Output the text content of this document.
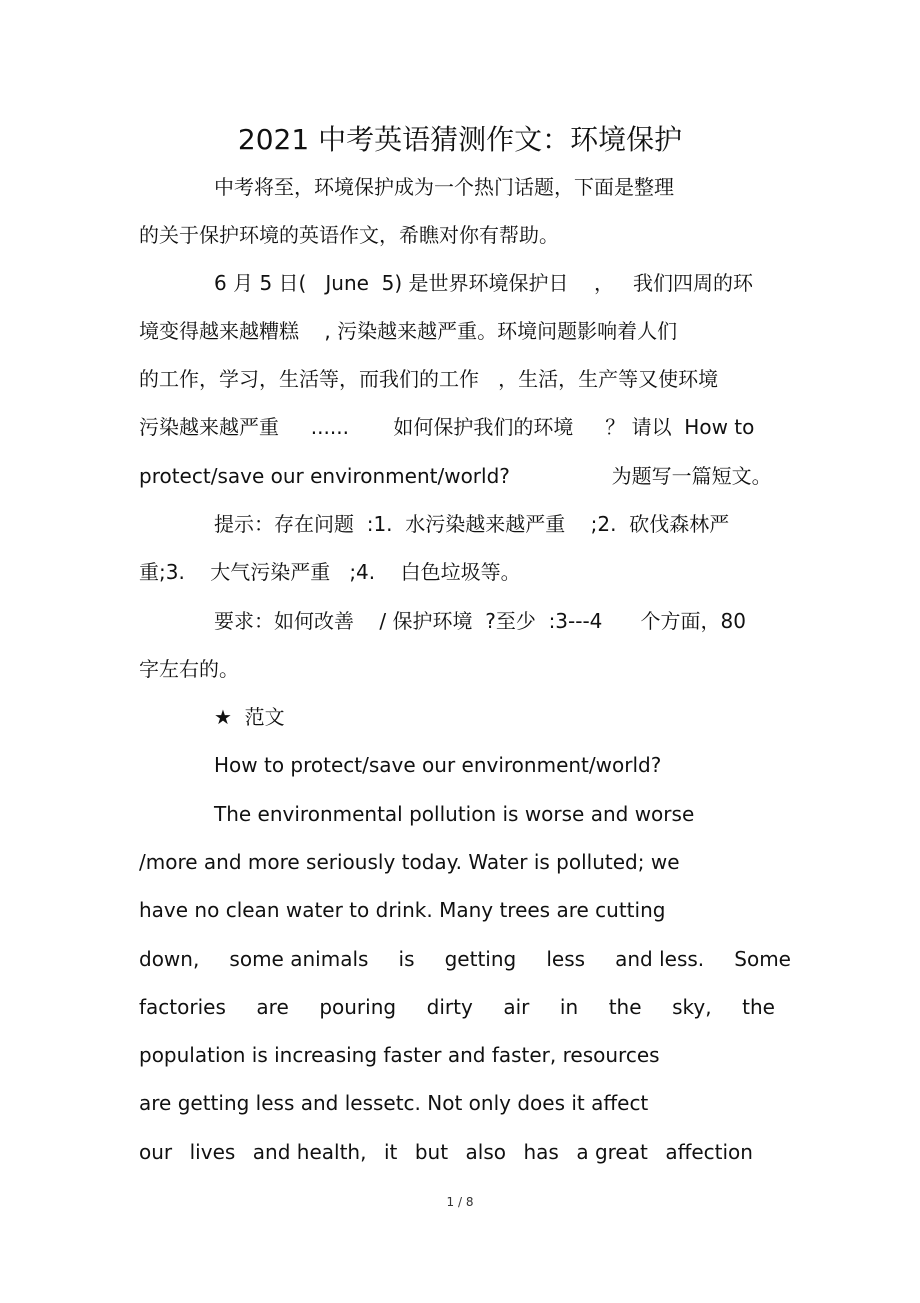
2021 中考英语猜测作文：环境保护
中考将至，环境保护成为一个热门话题，下面是整理
的关于保护环境的英语作文，希瞧对你有帮助。
6 月 5 日(   June  5) 是世界环境保护日    ，   我们四周的环
境变得越来越糟糕    , 污染越来越严重。环境问题影响着人们
的工作，学习，生活等，而我们的工作   ，生活，生产等又使环境
污染越来越严重     ......       如何保护我们的环境     ？ 请以  How to
protect/save our environment/world?                为题写一篇短文。
提示：存在问题  :1.  水污染越来越严重    ;2.  砍伐森林严
重;3.    大气污染严重   ;4.    白色垃圾等。
要求：如何改善    / 保护环境  ?至少  :3---4      个方面，80
字左右的。
★  范文
How to protect/save our environment/world?
The environmental pollution is worse and worse
/more and more seriously today. Water is polluted; we
have no clean water to drink. Many trees are cutting
down, some animals is getting less and less. Some
factories are pouring dirty air in the sky, the
population is increasing faster and faster, resources
are getting less and lessetc. Not only does it affect
our lives and health, it but also has a great affection
1 / 8
